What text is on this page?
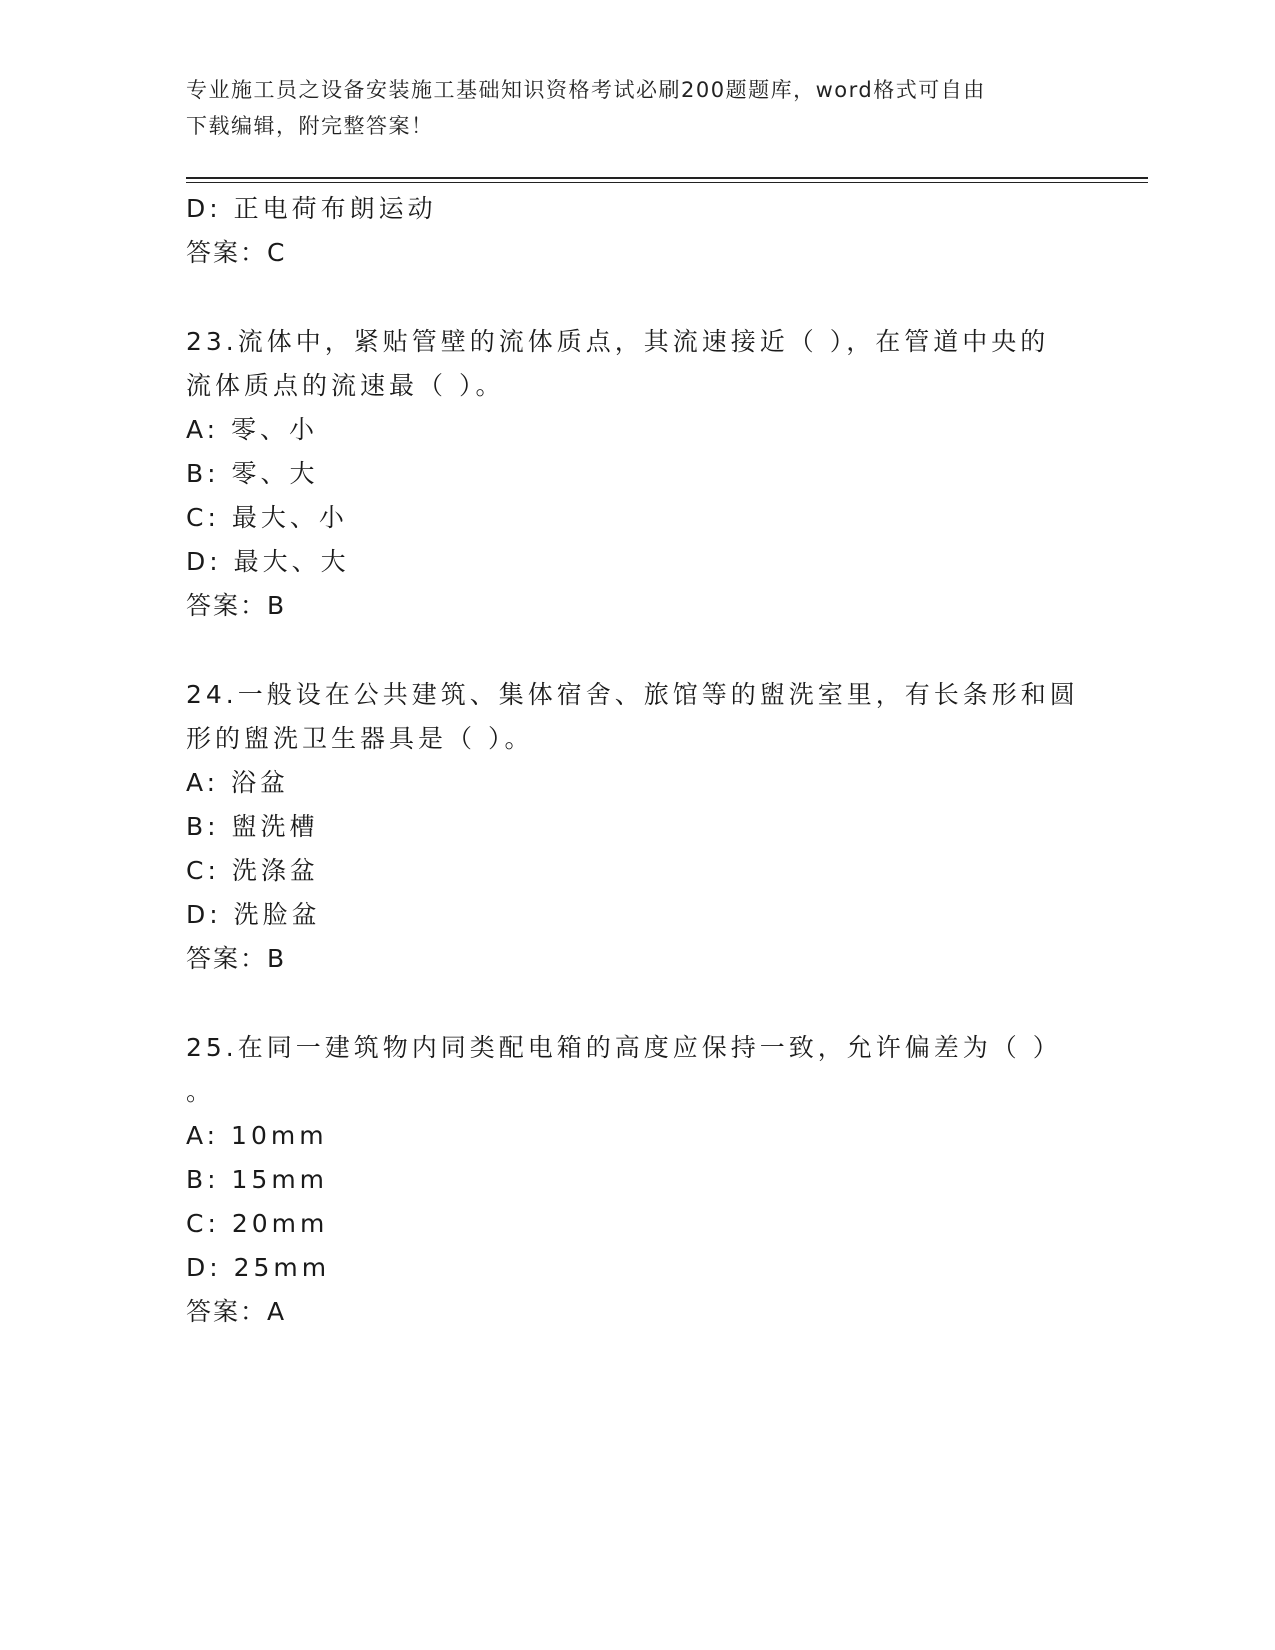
专业施工员之设备安装施工基础知识资格考试必刷200题题库，word格式可自由
下载编辑，附完整答案！
D: 正电荷布朗运动
答案：C
23.流体中，紧贴管壁的流体质点，其流速接近（ ），在管道中央的
流体质点的流速最（ ）。
A: 零、小
B: 零、大
C: 最大、小
D: 最大、大
答案：B
24.一般设在公共建筑、集体宿舍、旅馆等的盥洗室里，有长条形和圆
形的盥洗卫生器具是（ ）。
A: 浴盆
B: 盥洗槽
C: 洗涤盆
D: 洗脸盆
答案：B
25.在同一建筑物内同类配电箱的高度应保持一致，允许偏差为（ ）
。
A: 10mm
B: 15mm
C: 20mm
D: 25mm
答案：A
